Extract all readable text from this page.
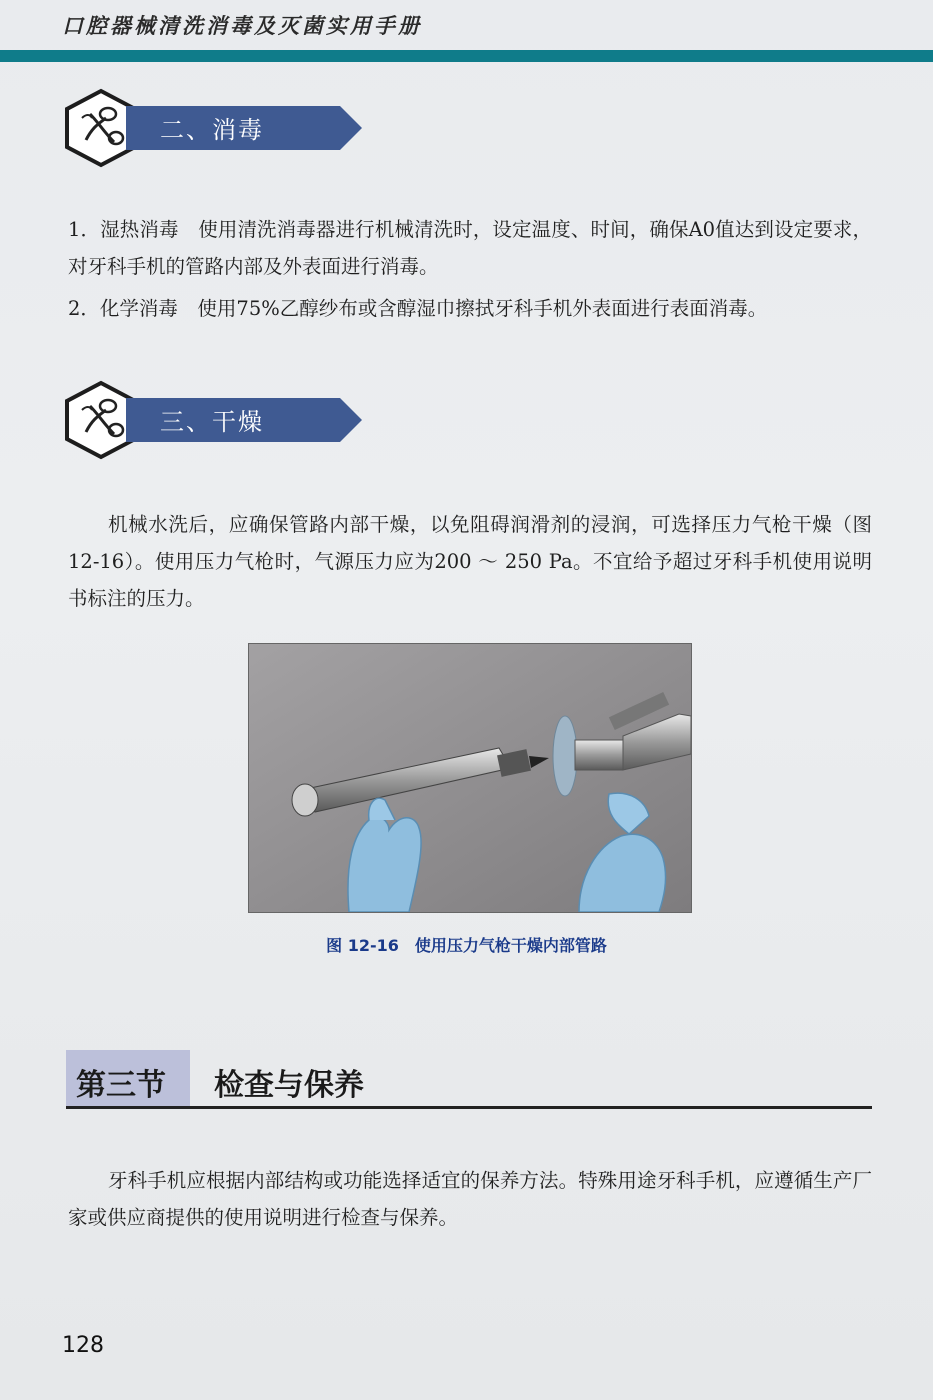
口腔器械清洗消毒及灭菌实用手册
二、消毒
1．湿热消毒　使用清洗消毒器进行机械清洗时，设定温度、时间，确保A0值达到设定要求，对牙科手机的管路内部及外表面进行消毒。
2．化学消毒　使用75%乙醇纱布或含醇湿巾擦拭牙科手机外表面进行表面消毒。
三、干燥
机械水洗后，应确保管路内部干燥，以免阻碍润滑剂的浸润，可选择压力气枪干燥（图12-16）。使用压力气枪时，气源压力应为200 ～ 250 Pa。不宜给予超过牙科手机使用说明书标注的压力。
图 12-16　使用压力气枪干燥内部管路
第三节 检查与保养
牙科手机应根据内部结构或功能选择适宜的保养方法。特殊用途牙科手机，应遵循生产厂家或供应商提供的使用说明进行检查与保养。
128
